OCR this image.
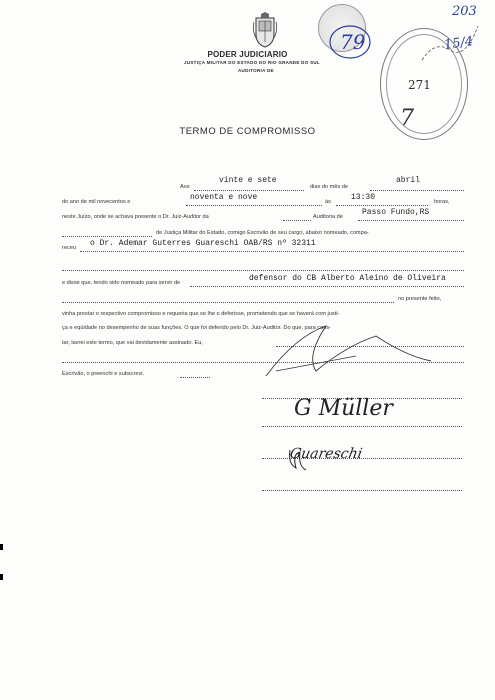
PODER JUDICIARIO
JUSTIÇA MILITAR DO ESTADO DO RIO GRANDE DO SUL
AUDITORIA DE
79
203
15/4
271
7
TERMO DE COMPROMISSO
Aos
vinte e sete
dias do mês de
abril
do ano de mil novecentos e	noventa e nove	às	13:30	horas,
neste Juízo, onde se achava presente o Dr. Juiz-Auditor da	Auditoria de Passo Fundo,RS
de Justiça Militar do Estado, comigo Escrivão de seu cargo, abaixo nomeado, compa-
receu o Dr. Ademar Guterres Guareschi OAB/RS nº 32311
e disse que, tendo sido nomeado para servir de	defensor do CB Alberto Aleino de Oliveira
no presente feito,
vinha prestar o respectivo compromisso e requeria que se lhe o deferisse, prometendo que se haverá com justi-
ça e eqüidade no desempenho de suas funções. O que foi deferido pelo Dr. Juiz-Auditor. Do que, para cons-
tar, lavrei este termo, que vai devidamente assinado. Eu,
Escrivão, o preenchi e subscrevi.
G Müller
Guareschi
